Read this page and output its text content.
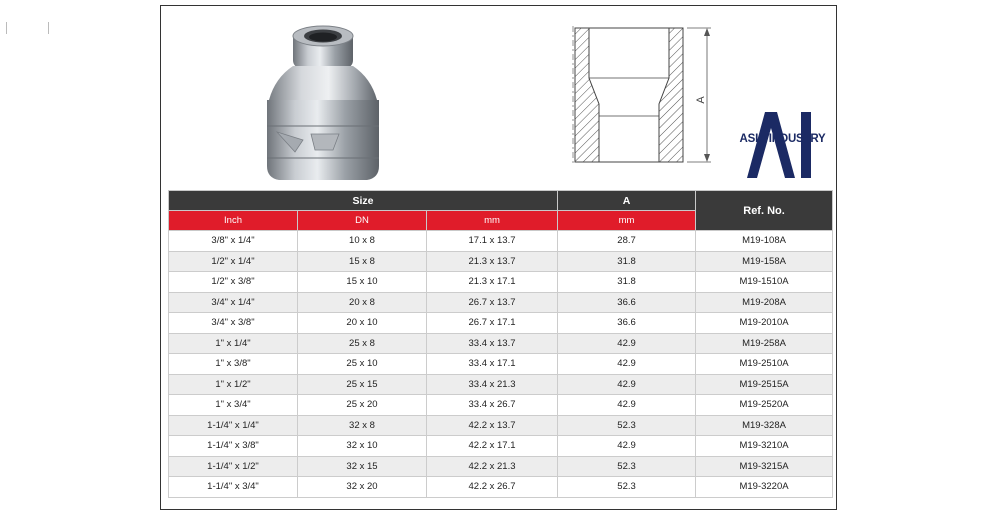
A
ASIA INDUSTRY
Size			A	Ref. No.
Inch	DN	mm	mm	
3/8" x 1/4"	10 x 8	17.1 x 13.7	28.7	M19-108A
1/2" x 1/4"	15 x 8	21.3 x 13.7	31.8	M19-158A
1/2" x 3/8"	15 x 10	21.3 x 17.1	31.8	M19-1510A
3/4" x 1/4"	20 x 8	26.7 x 13.7	36.6	M19-208A
3/4" x 3/8"	20 x 10	26.7 x 17.1	36.6	M19-2010A
1" x 1/4"	25 x 8	33.4 x 13.7	42.9	M19-258A
1" x 3/8"	25 x 10	33.4 x 17.1	42.9	M19-2510A
1" x 1/2"	25 x 15	33.4 x 21.3	42.9	M19-2515A
1" x 3/4"	25 x 20	33.4 x 26.7	42.9	M19-2520A
1-1/4" x 1/4"	32 x 8	42.2 x 13.7	52.3	M19-328A
1-1/4" x 3/8"	32 x 10	42.2 x 17.1	42.9	M19-3210A
1-1/4" x 1/2"	32 x 15	42.2 x 21.3	52.3	M19-3215A
1-1/4" x 3/4"	32 x 20	42.2 x 26.7	52.3	M19-3220A
